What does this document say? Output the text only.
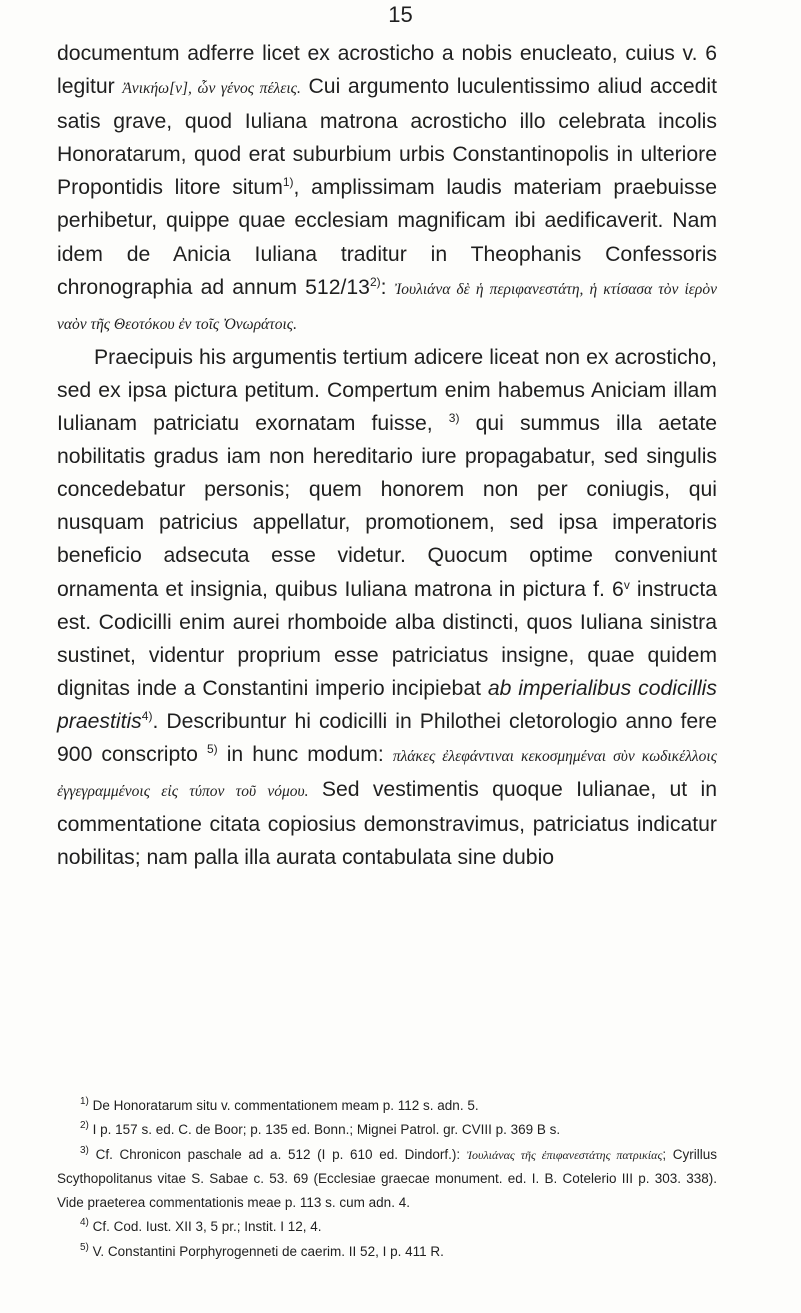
15

documentum adferre licet ex acrosticho a nobis enucleato, cuius v. 6 legitur Ἀνικήω[ν], ὧν γένος πέλεις. Cui argumento luculentissimo aliud accedit satis grave, quod Iuliana matrona acrosticho illo celebrata incolis Honoratarum, quod erat suburbium urbis Constantinopolis in ulteriore Propontidis litore situm$^{1)}$, amplissimam laudis materiam praebuisse perhibetur, quippe quae ecclesiam magnificam ibi aedificaverit. Nam idem de Anicia Iuliana traditur in Theophanis Confessoris chronographia ad annum 512/13$^{2)}$: Ἰουλιάνα δὲ ἡ περιφανεστάτη, ἡ κτίσασα τὸν ἱερὸν ναὸν τῆς Θεοτόκου ἐν τοῖς Ὀνωράτοις.

Praecipuis his argumentis tertium adicere liceat non ex acrosticho, sed ex ipsa pictura petitum. Compertum enim habemus Aniciam illam Iulianam patriciatu exornatam fuisse, $^{3)}$ qui summus illa aetate nobilitatis gradus iam non hereditario iure propagabatur, sed singulis concedebatur personis; quem honorem non per coniugis, qui nusquam patricius appellatur, promotionem, sed ipsa imperatoris beneficio adsecuta esse videtur. Quocum optime conveniunt ornamenta et insignia, quibus Iuliana matrona in pictura f. 6$^v$ instructa est. Codicilli enim aurei rhomboide alba distincti, quos Iuliana sinistra sustinet, videntur proprium esse patriciatus insigne, quae quidem dignitas inde a Constantini imperio incipiebat ab imperialibus codicillis praestitis$^{4)}$. Describuntur hi codicilli in Philothei cletorologio anno fere 900 conscripto $^{5)}$ in hunc modum: πλάκες ἐλεφάντιναι κεκοσμημέναι σὺν κωδικέλλοις ἐγγεγραμμένοις εἰς τύπον τοῦ νόμου. Sed vestimentis quoque Iulianae, ut in commentatione citata copiosius demonstravimus, patriciatus indicatur nobilitas; nam palla illa aurata contabulata sine dubio

$^{1)}$ De Honoratarum situ v. commentationem meam p. 112 s. adn. 5.

$^{2)}$ I p. 157 s. ed. C. de Boor; p. 135 ed. Bonn.; Mignei Patrol. gr. CVIII p. 369 B s.

$^{3)}$ Cf. Chronicon paschale ad a. 512 (I p. 610 ed. Dindorf.): Ἰουλιάνας τῆς ἐπιφανεστάτης πατρικίας; Cyrillus Scythopolitanus vitae S. Sabae c. 53. 69 (Ecclesiae graecae monument. ed. I. B. Cotelerio III p. 303. 338). Vide praeterea commentationis meae p. 113 s. cum adn. 4.

$^{4)}$ Cf. Cod. Iust. XII 3, 5 pr.; Instit. I 12, 4.

$^{5)}$ V. Constantini Porphyrogenneti de caerim. II 52, I p. 411 R.
